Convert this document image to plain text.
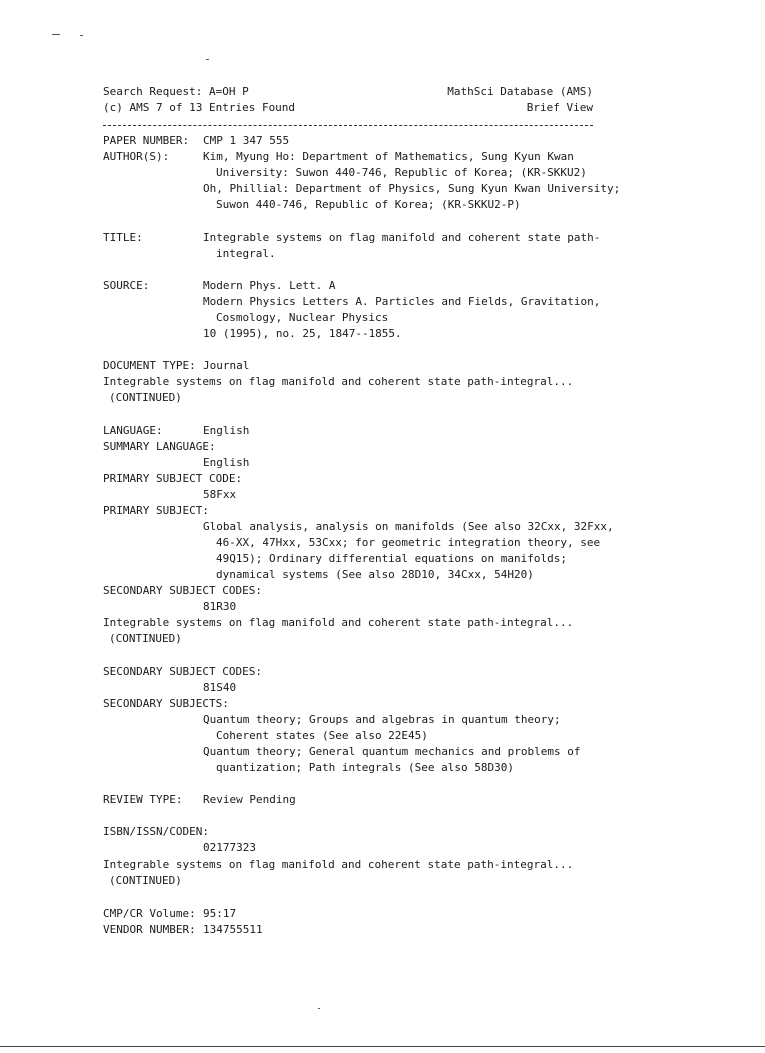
Search Request: A=OH P	MathSci Database (AMS)
(c) AMS 7 of 13 Entries Found	Brief View
PAPER NUMBER: CMP 1 347 555
AUTHOR(S):	Kim, Myung Ho: Department of Mathematics, Sung Kyun Kwan
University: Suwon 440-746, Republic of Korea; (KR-SKKU2)
Oh, Phillial: Department of Physics, Sung Kyun Kwan University;
Suwon 440-746, Republic of Korea; (KR-SKKU2-P)
TITLE:	Integrable systems on flag manifold and coherent state path-
integral.
SOURCE:	Modern Phys. Lett. A
Modern Physics Letters A. Particles and Fields, Gravitation,
Cosmology, Nuclear Physics
10 (1995), no. 25, 1847--1855.
DOCUMENT TYPE: Journal
Integrable systems on flag manifold and coherent state path-integral...
(CONTINUED)
LANGUAGE:	English
SUMMARY LANGUAGE:
English
PRIMARY SUBJECT CODE:
58Fxx
PRIMARY SUBJECT:
Global analysis, analysis on manifolds (See also 32Cxx, 32Fxx,
46-XX, 47Hxx, 53Cxx; for geometric integration theory, see
49Q15); Ordinary differential equations on manifolds;
dynamical systems (See also 28D10, 34Cxx, 54H20)
SECONDARY SUBJECT CODES:
81R30
Integrable systems on flag manifold and coherent state path-integral...
(CONTINUED)
SECONDARY SUBJECT CODES:
81S40
SECONDARY SUBJECTS:
Quantum theory; Groups and algebras in quantum theory;
Coherent states (See also 22E45)
Quantum theory; General quantum mechanics and problems of
quantization; Path integrals (See also 58D30)
REVIEW TYPE: Review Pending
ISBN/ISSN/CODEN:
02177323
Integrable systems on flag manifold and coherent state path-integral...
(CONTINUED)
CMP/CR Volume: 95:17
VENDOR NUMBER: 134755511
